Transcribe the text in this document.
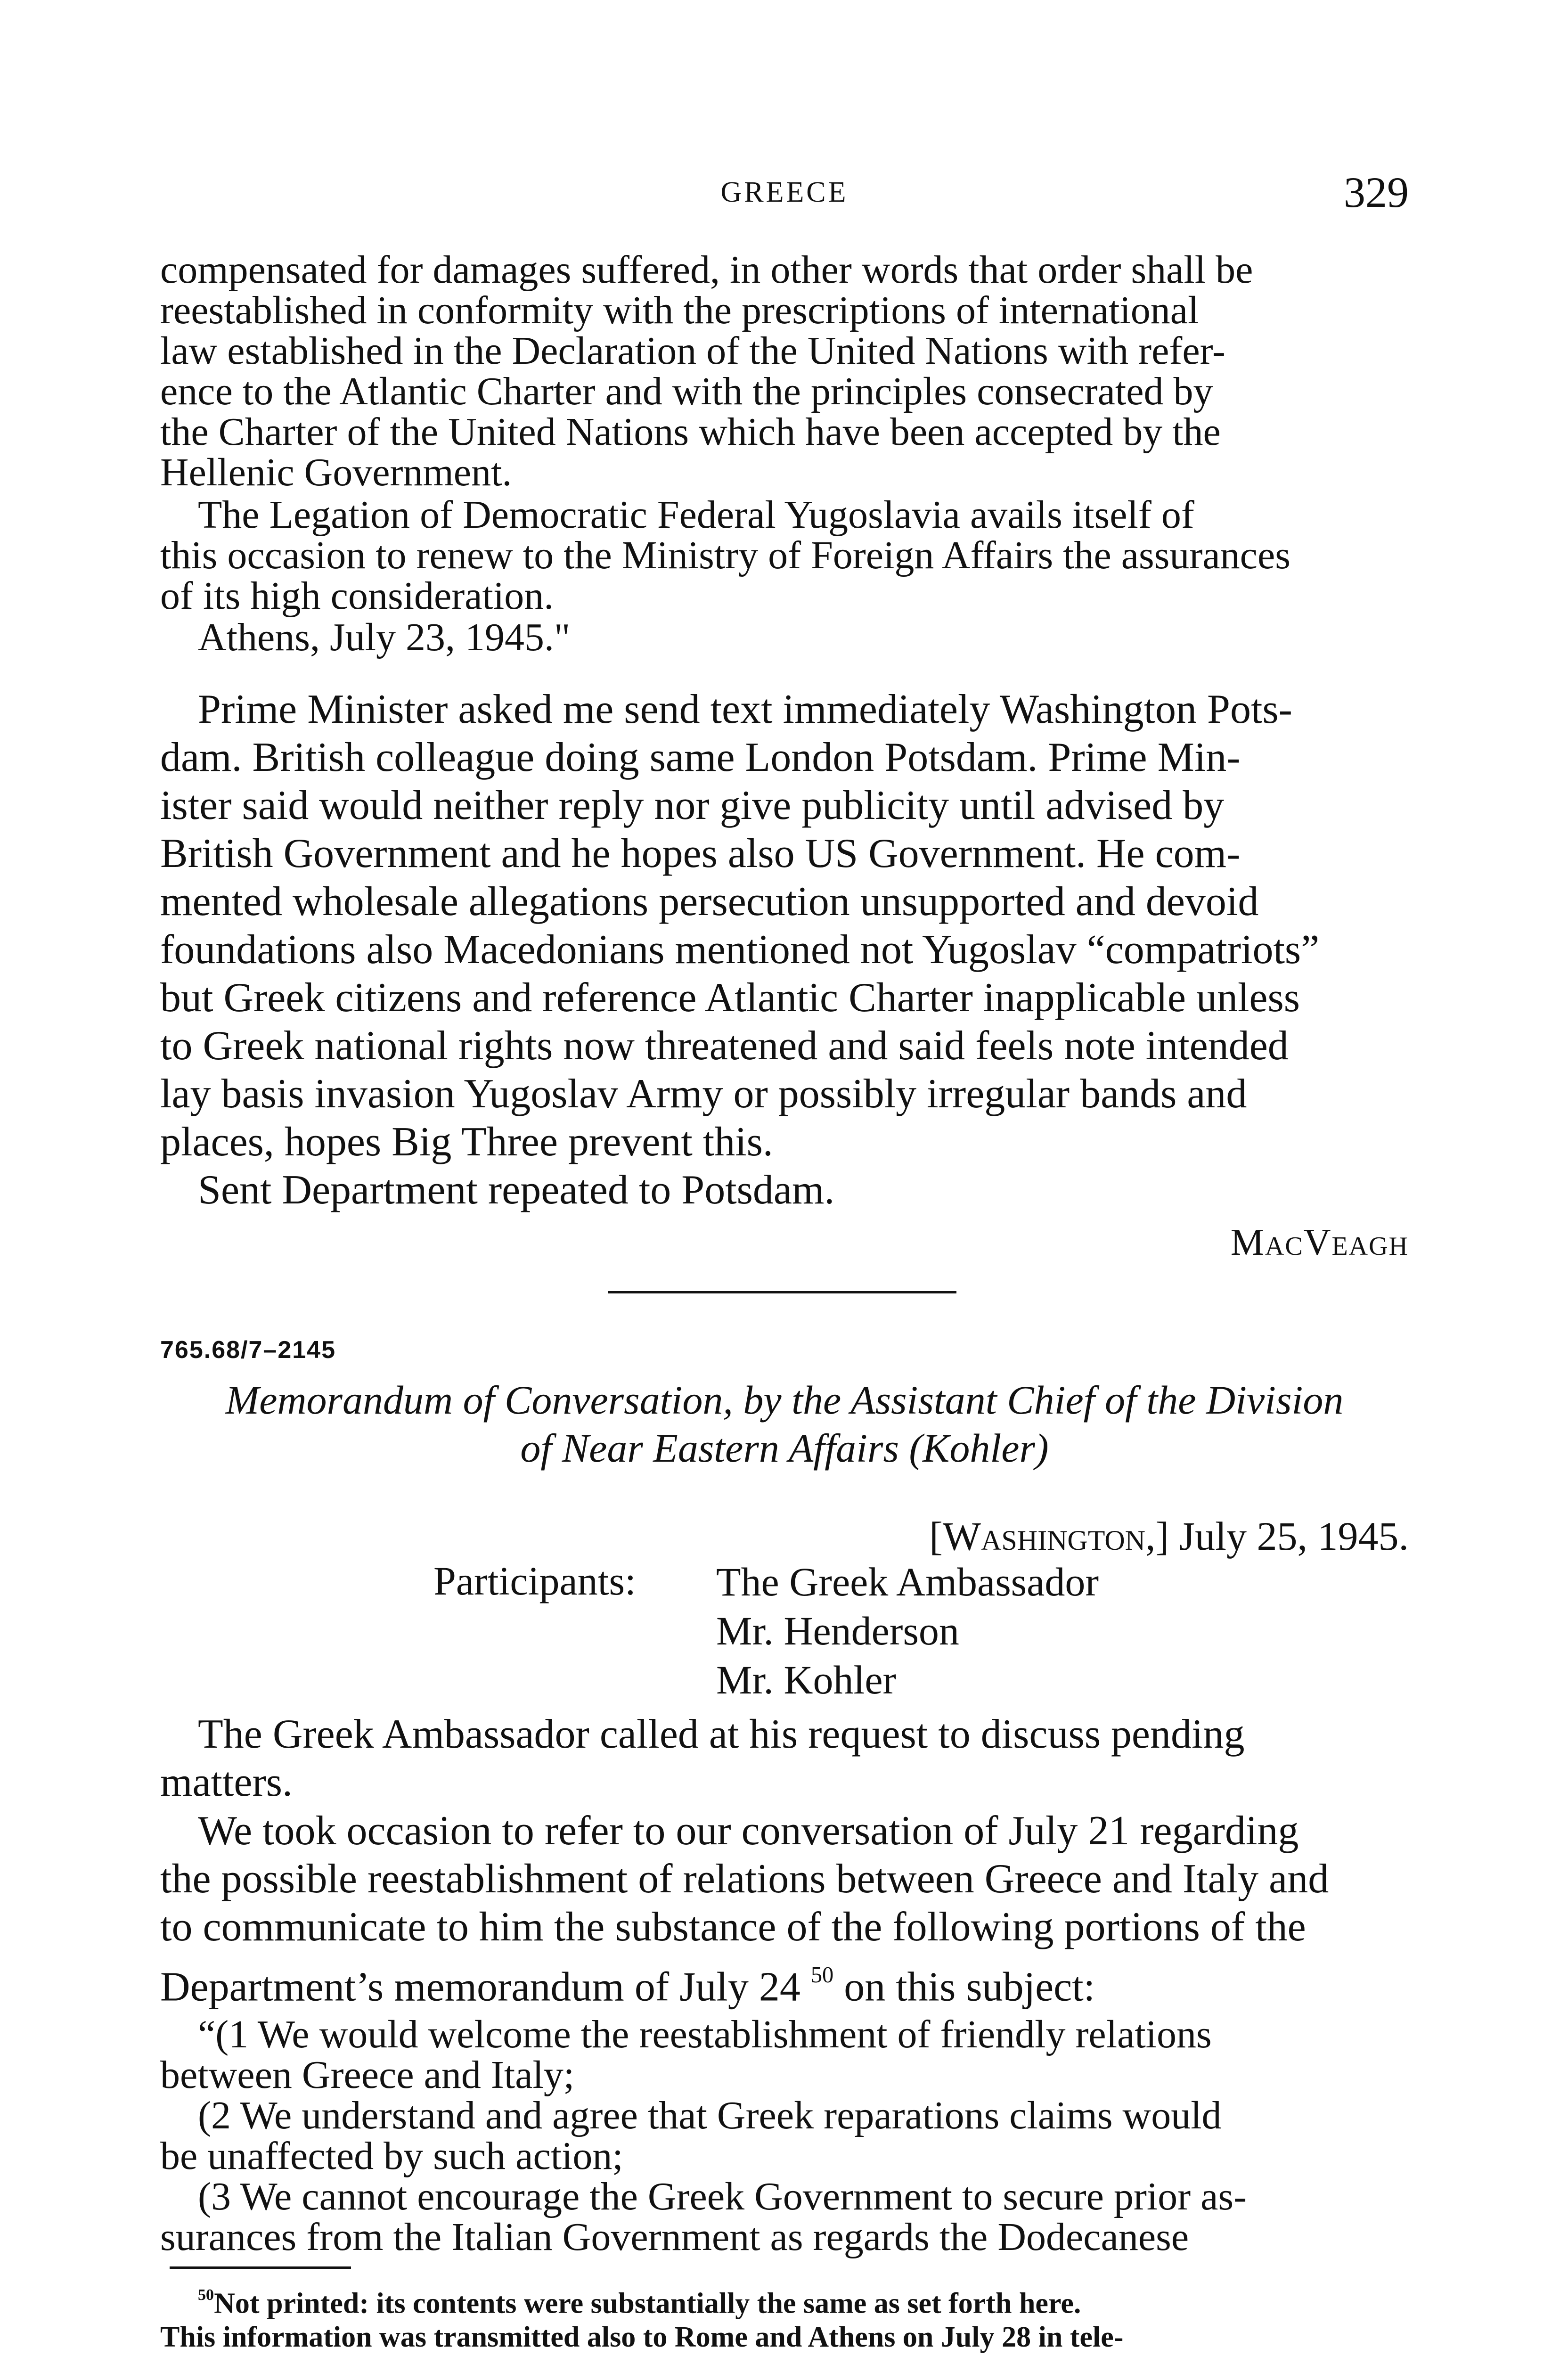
GREECE	329
compensated for damages suffered, in other words that order shall be
reestablished in conformity with the prescriptions of international
law established in the Declaration of the United Nations with refer-
ence to the Atlantic Charter and with the principles consecrated by
the Charter of the United Nations which have been accepted by the
Hellenic Government.
The Legation of Democratic Federal Yugoslavia avails itself of
this occasion to renew to the Ministry of Foreign Affairs the assurances
of its high consideration.
Athens, July 23, 1945."
Prime Minister asked me send text immediately Washington Pots-
dam. British colleague doing same London Potsdam. Prime Min-
ister said would neither reply nor give publicity until advised by
British Government and he hopes also US Government. He com-
mented wholesale allegations persecution unsupported and devoid
foundations also Macedonians mentioned not Yugoslav “compatriots”
but Greek citizens and reference Atlantic Charter inapplicable unless
to Greek national rights now threatened and said feels note intended
lay basis invasion Yugoslav Army or possibly irregular bands and
places, hopes Big Three prevent this.
Sent Department repeated to Potsdam.
MacVeagh
765.68/7–2145
Memorandum of Conversation, by the Assistant Chief of the Division
of Near Eastern Affairs (Kohler)
[Washington,] July 25, 1945.
Participants: The Greek Ambassador
Mr. Henderson
Mr. Kohler
The Greek Ambassador called at his request to discuss pending
matters.
We took occasion to refer to our conversation of July 21 regarding
the possible reestablishment of relations between Greece and Italy and
to communicate to him the substance of the following portions of the
Department’s memorandum of July 24 $^{50}$ on this subject:
“(1 We would welcome the reestablishment of friendly relations
between Greece and Italy;
(2 We understand and agree that Greek reparations claims would
be unaffected by such action;
(3 We cannot encourage the Greek Government to secure prior as-
surances from the Italian Government as regards the Dodecanese
$^{50}$Not printed: its contents were substantially the same as set forth here.
This information was transmitted also to Rome and Athens on July 28 in tele-
